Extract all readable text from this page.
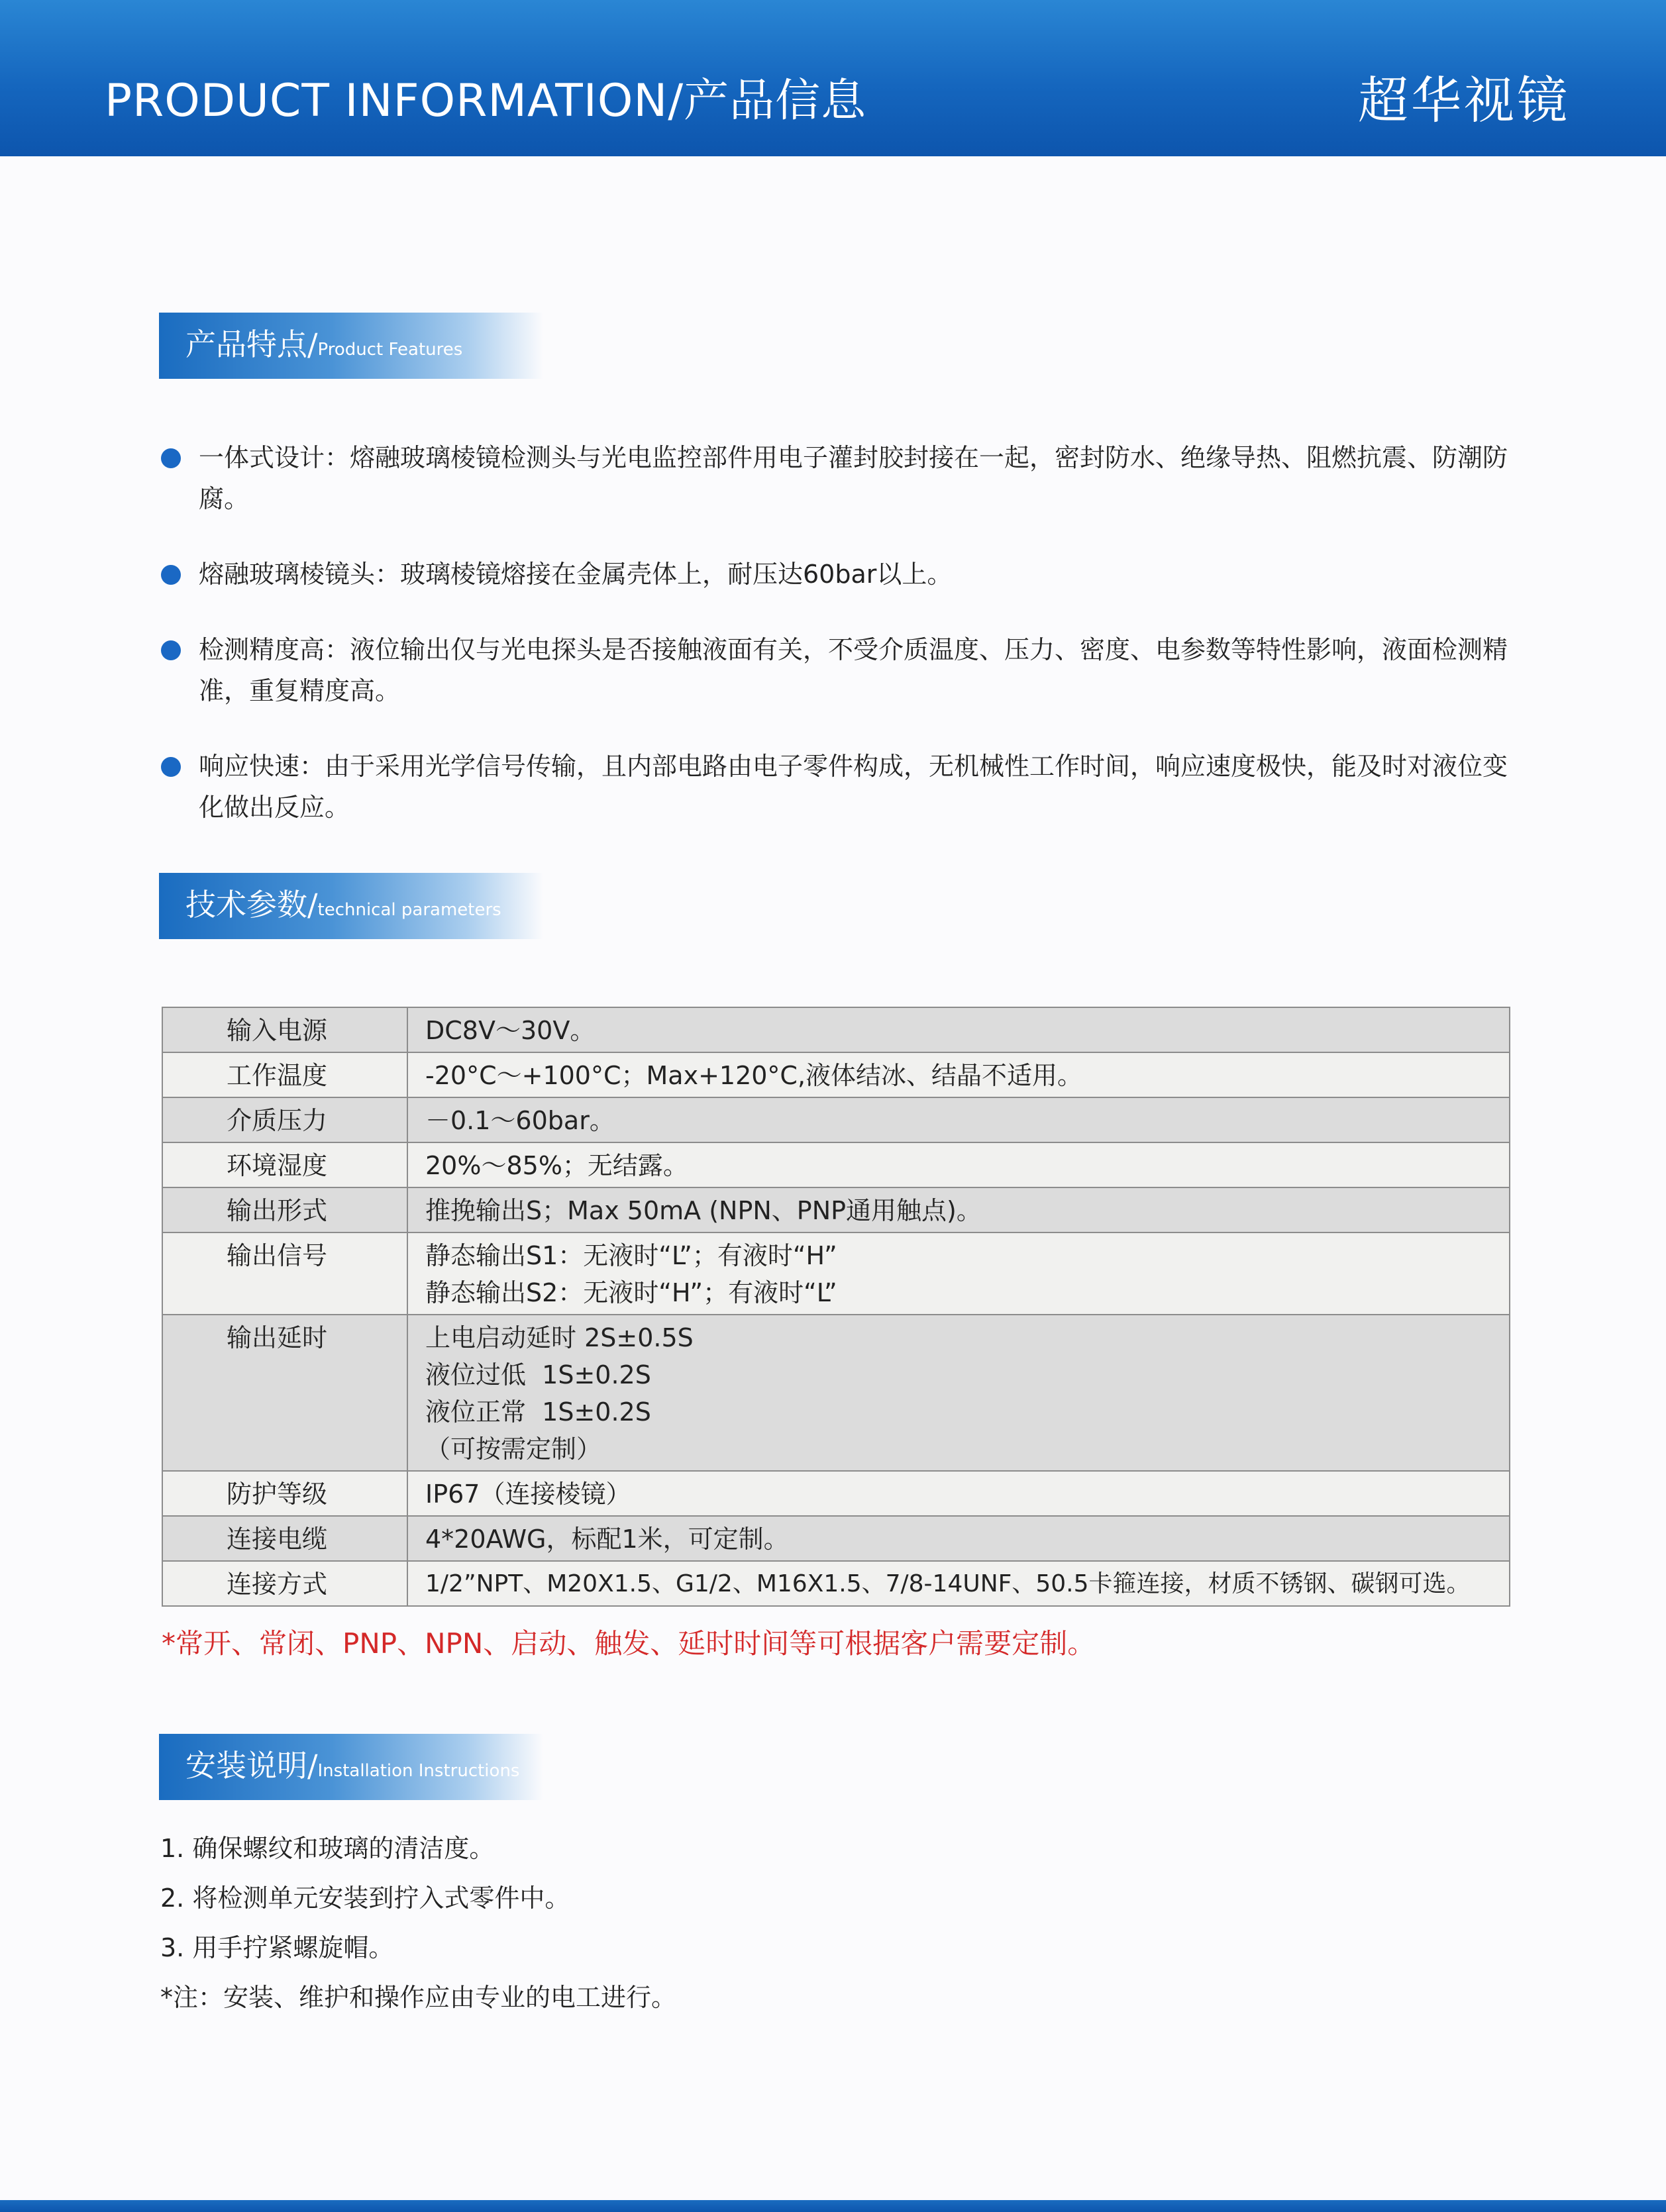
PRODUCT INFORMATION/产品信息	超华视镜
产品特点/Product Features
一体式设计：熔融玻璃棱镜检测头与光电监控部件用电子灌封胶封接在一起，密封防水、绝缘导热、阻燃抗震、防潮防腐。
熔融玻璃棱镜头：玻璃棱镜熔接在金属壳体上，耐压达60bar以上。
检测精度高：液位输出仅与光电探头是否接触液面有关，不受介质温度、压力、密度、电参数等特性影响，液面检测精准，重复精度高。
响应快速：由于采用光学信号传输，且内部电路由电子零件构成，无机械性工作时间，响应速度极快，能及时对液位变化做出反应。
技术参数/technical parameters
输入电源	DC8V～30V。

工作温度	-20°C～+100°C；Max+120°C,液体结冰、结晶不适用。

介质压力	－0.1～60bar。

环境湿度	20%～85%；无结露。

输出形式	推挽输出S；Max 50mA (NPN、PNP通用触点)。

输出信号	静态输出S1：无液时“L”；有液时“H”
静态输出S2：无液时“H”；有液时“L”

输出延时	上电启动延时 2S±0.5S
液位过低  1S±0.2S
液位正常  1S±0.2S
（可按需定制）

防护等级	IP67（连接棱镜）

连接电缆	4*20AWG，标配1米，可定制。

连接方式	1/2”NPT、M20X1.5、G1/2、M16X1.5、7/8-14UNF、50.5卡箍连接，材质不锈钢、碳钢可选。
*常开、常闭、PNP、NPN、启动、触发、延时时间等可根据客户需要定制。
安装说明/Installation Instructions
1. 确保螺纹和玻璃的清洁度。
2. 将检测单元安装到拧入式零件中。
3. 用手拧紧螺旋帽。
*注：安装、维护和操作应由专业的电工进行。
